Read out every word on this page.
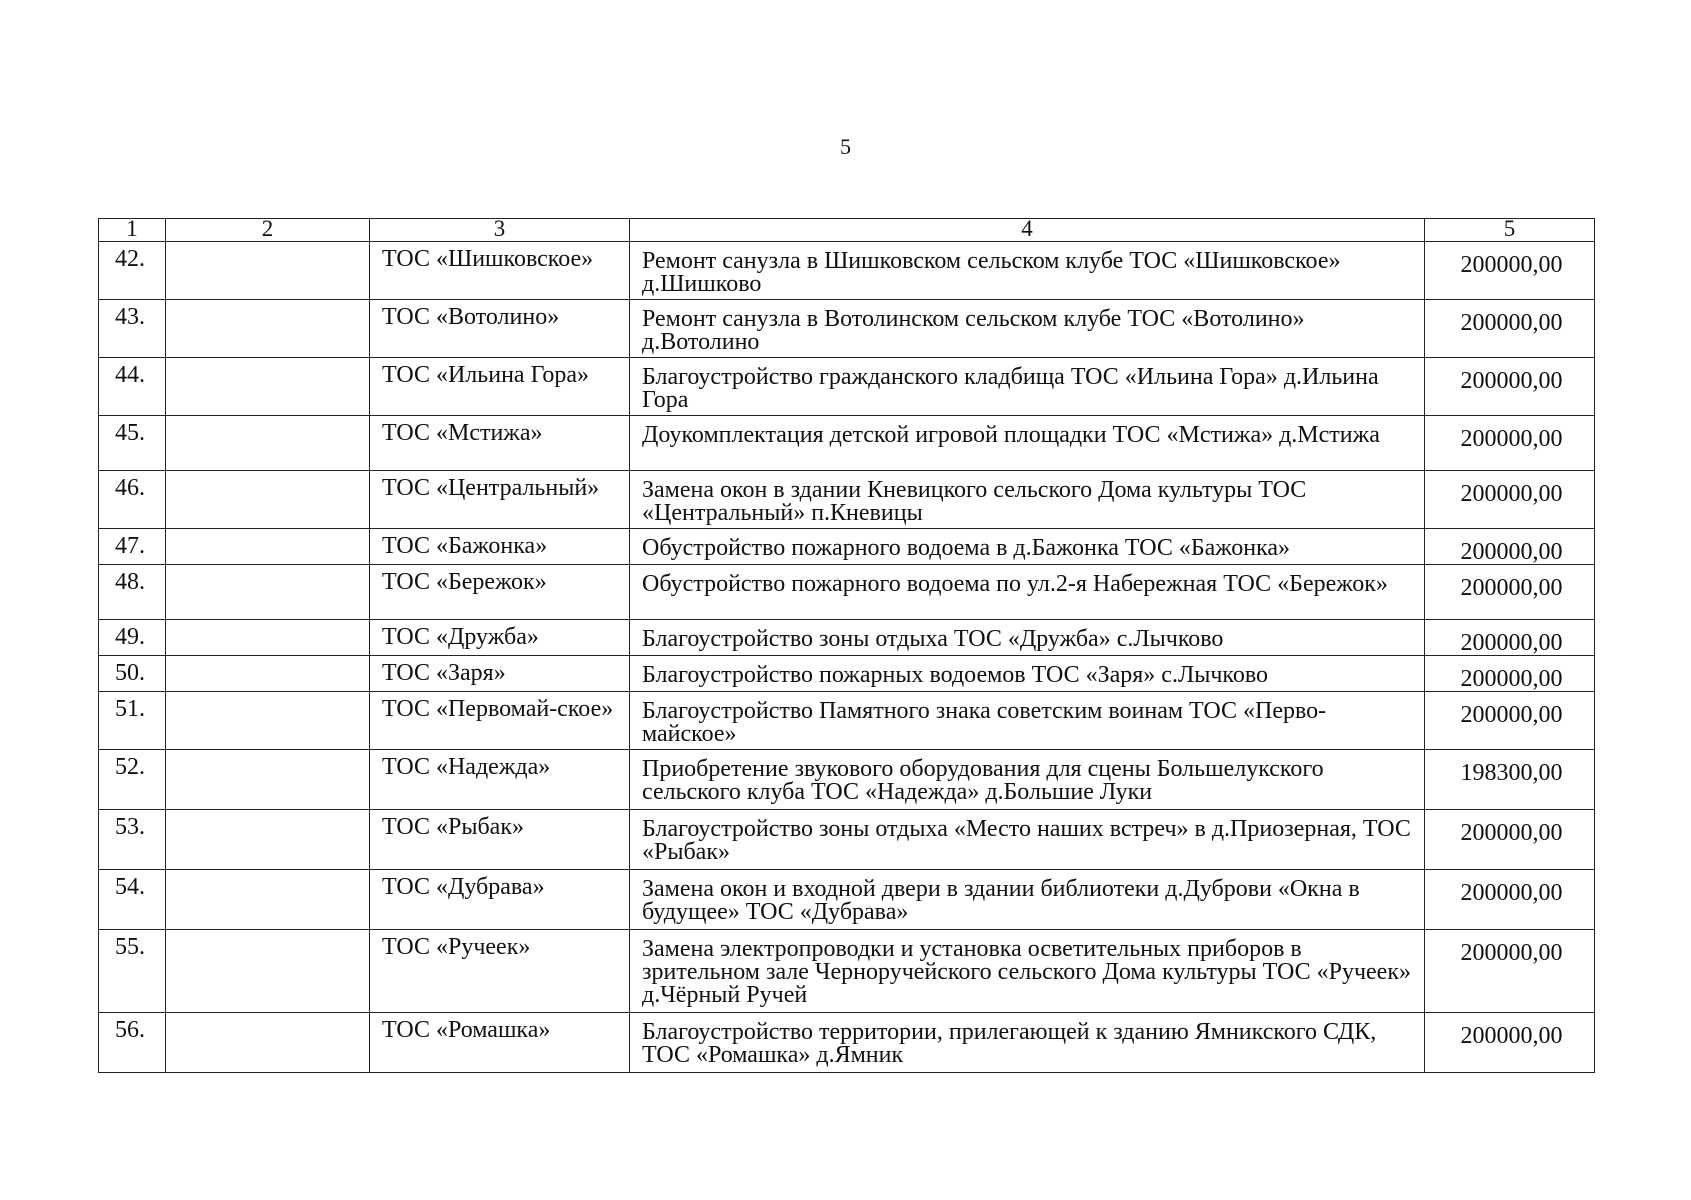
5
1	2	3	4	5
42.		ТОС «Шишковское»	Ремонт санузла в Шишковском сельском клубе ТОС «Шишковское» д.Шишково	200000,00
43.		ТОС «Вотолино»	Ремонт санузла в Вотолинском сельском клубе ТОС «Вотолино» д.Вотолино	200000,00
44.		ТОС «Ильина Гора»	Благоустройство гражданского кладбища ТОС «Ильина Гора» д.Ильина Гора	200000,00
45.		ТОС «Мстижа»	Доукомплектация детской игровой площадки ТОС «Мстижа» д.Мстижа	200000,00
46.		ТОС «Центральный»	Замена окон в здании Кневицкого сельского Дома культуры ТОС «Центральный» п.Кневицы	200000,00
47.		ТОС «Бажонка»	Обустройство пожарного водоема в д.Бажонка ТОС «Бажонка»	200000,00
48.		ТОС «Бережок»	Обустройство пожарного водоема по ул.2-я Набережная ТОС «Бережок»	200000,00
49.		ТОС «Дружба»	Благоустройство зоны отдыха ТОС «Дружба» с.Лычково	200000,00
50.		ТОС «Заря»	Благоустройство пожарных водоемов ТОС «Заря» с.Лычково	200000,00
51.		ТОС «Первомай-ское»	Благоустройство Памятного знака советским воинам ТОС «Перво-майское»	200000,00
52.		ТОС «Надежда»	Приобретение звукового оборудования для сцены Большелукского сельского клуба ТОС «Надежда» д.Большие Луки	198300,00
53.		ТОС «Рыбак»	Благоустройство зоны отдыха «Место наших встреч» в д.Приозерная, ТОС «Рыбак»	200000,00
54.		ТОС «Дубрава»	Замена окон и входной двери в здании библиотеки д.Дуброви «Окна в будущее» ТОС «Дубрава»	200000,00
55.		ТОС «Ручеек»	Замена электропроводки и установка осветительных приборов в зрительном зале Черноручейского сельского Дома культуры ТОС «Ручеек» д.Чёрный Ручей	200000,00
56.		ТОС «Ромашка»	Благоустройство территории, прилегающей к зданию Ямникского СДК, ТОС «Ромашка» д.Ямник	200000,00
